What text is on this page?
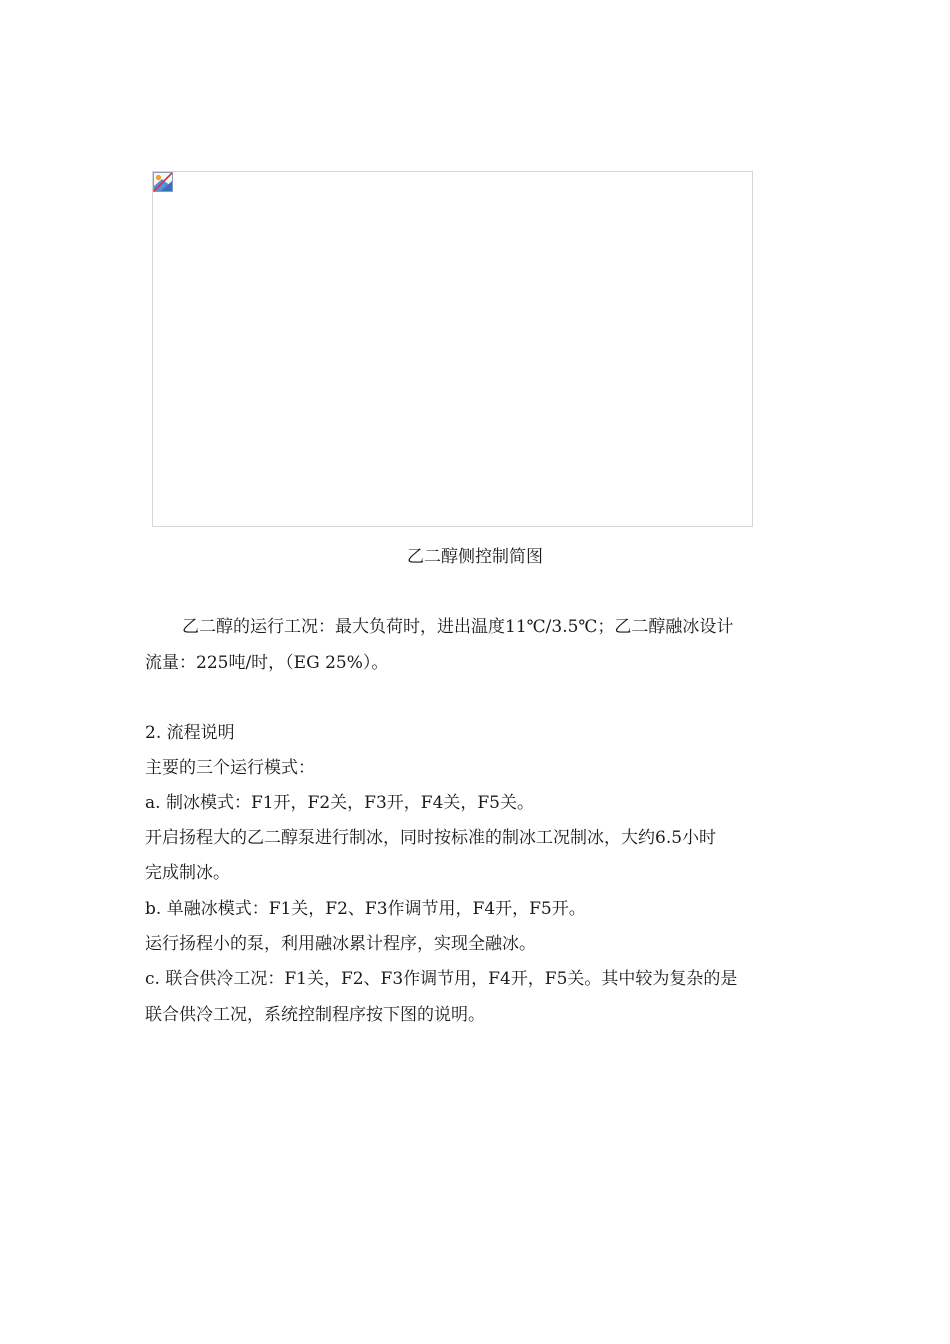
乙二醇侧控制简图
乙二醇的运行工况：最大负荷时，进出温度11℃/3.5℃；乙二醇融冰设计
流量：225吨/时，（EG 25%）。
2. 流程说明
主要的三个运行模式：
a. 制冰模式：F1开，F2关，F3开，F4关，F5关。
开启扬程大的乙二醇泵进行制冰，同时按标准的制冰工况制冰，大约6.5小时
完成制冰。
b. 单融冰模式：F1关，F2、F3作调节用，F4开，F5开。
运行扬程小的泵，利用融冰累计程序，实现全融冰。
c. 联合供冷工况：F1关，F2、F3作调节用，F4开，F5关。其中较为复杂的是
联合供冷工况，系统控制程序按下图的说明。
